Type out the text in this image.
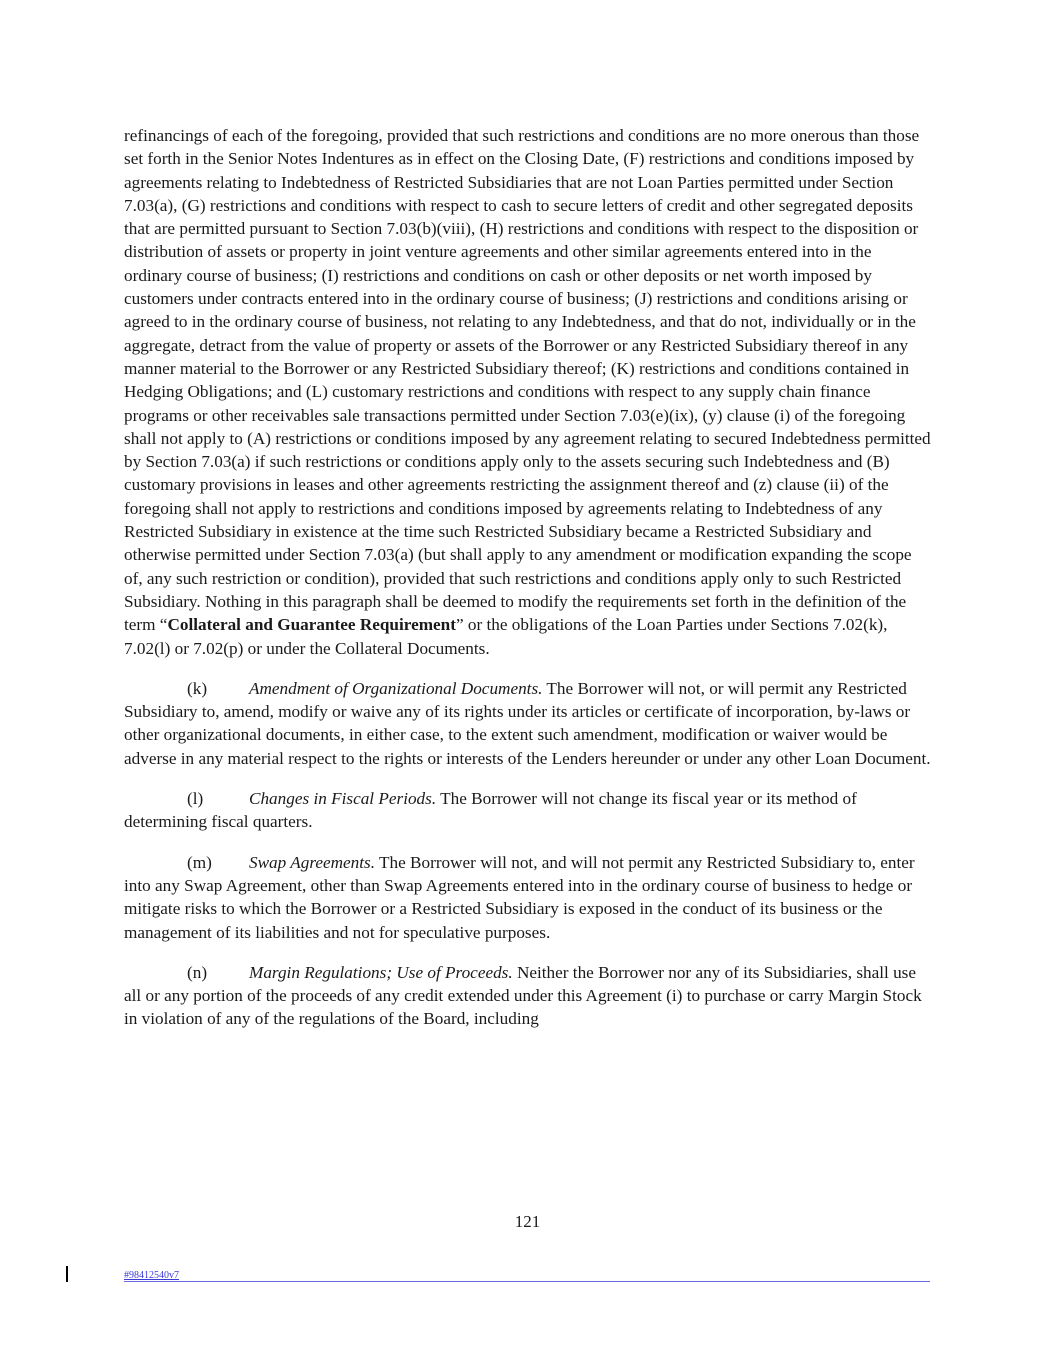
refinancings of each of the foregoing, provided that such restrictions and conditions are no more onerous than those set forth in the Senior Notes Indentures as in effect on the Closing Date, (F) restrictions and conditions imposed by agreements relating to Indebtedness of Restricted Subsidiaries that are not Loan Parties permitted under Section 7.03(a), (G) restrictions and conditions with respect to cash to secure letters of credit and other segregated deposits that are permitted pursuant to Section 7.03(b)(viii), (H) restrictions and conditions with respect to the disposition or distribution of assets or property in joint venture agreements and other similar agreements entered into in the ordinary course of business; (I) restrictions and conditions on cash or other deposits or net worth imposed by customers under contracts entered into in the ordinary course of business; (J) restrictions and conditions arising or agreed to in the ordinary course of business, not relating to any Indebtedness, and that do not, individually or in the aggregate, detract from the value of property or assets of the Borrower or any Restricted Subsidiary thereof in any manner material to the Borrower or any Restricted Subsidiary thereof; (K) restrictions and conditions contained in Hedging Obligations; and (L) customary restrictions and conditions with respect to any supply chain finance programs or other receivables sale transactions permitted under Section 7.03(e)(ix), (y) clause (i) of the foregoing shall not apply to (A) restrictions or conditions imposed by any agreement relating to secured Indebtedness permitted by Section 7.03(a) if such restrictions or conditions apply only to the assets securing such Indebtedness and (B) customary provisions in leases and other agreements restricting the assignment thereof and (z) clause (ii) of the foregoing shall not apply to restrictions and conditions imposed by agreements relating to Indebtedness of any Restricted Subsidiary in existence at the time such Restricted Subsidiary became a Restricted Subsidiary and otherwise permitted under Section 7.03(a) (but shall apply to any amendment or modification expanding the scope of, any such restriction or condition), provided that such restrictions and conditions apply only to such Restricted Subsidiary. Nothing in this paragraph shall be deemed to modify the requirements set forth in the definition of the term “Collateral and Guarantee Requirement” or the obligations of the Loan Parties under Sections 7.02(k), 7.02(l) or 7.02(p) or under the Collateral Documents.

(k) Amendment of Organizational Documents. The Borrower will not, or will permit any Restricted Subsidiary to, amend, modify or waive any of its rights under its articles or certificate of incorporation, by-laws or other organizational documents, in either case, to the extent such amendment, modification or waiver would be adverse in any material respect to the rights or interests of the Lenders hereunder or under any other Loan Document.

(l)	Changes in Fiscal Periods. The Borrower will not change its fiscal year or its method of determining fiscal quarters.

(m) Swap Agreements. The Borrower will not, and will not permit any Restricted Subsidiary to, enter into any Swap Agreement, other than Swap Agreements entered into in the ordinary course of business to hedge or mitigate risks to which the Borrower or a Restricted Subsidiary is exposed in the conduct of its business or the management of its liabilities and not for speculative purposes.

(n) Margin Regulations; Use of Proceeds. Neither the Borrower nor any of its Subsidiaries, shall use all or any portion of the proceeds of any credit extended under this Agreement (i) to purchase or carry Margin Stock in violation of any of the regulations of the Board, including

121
#98412540v7
